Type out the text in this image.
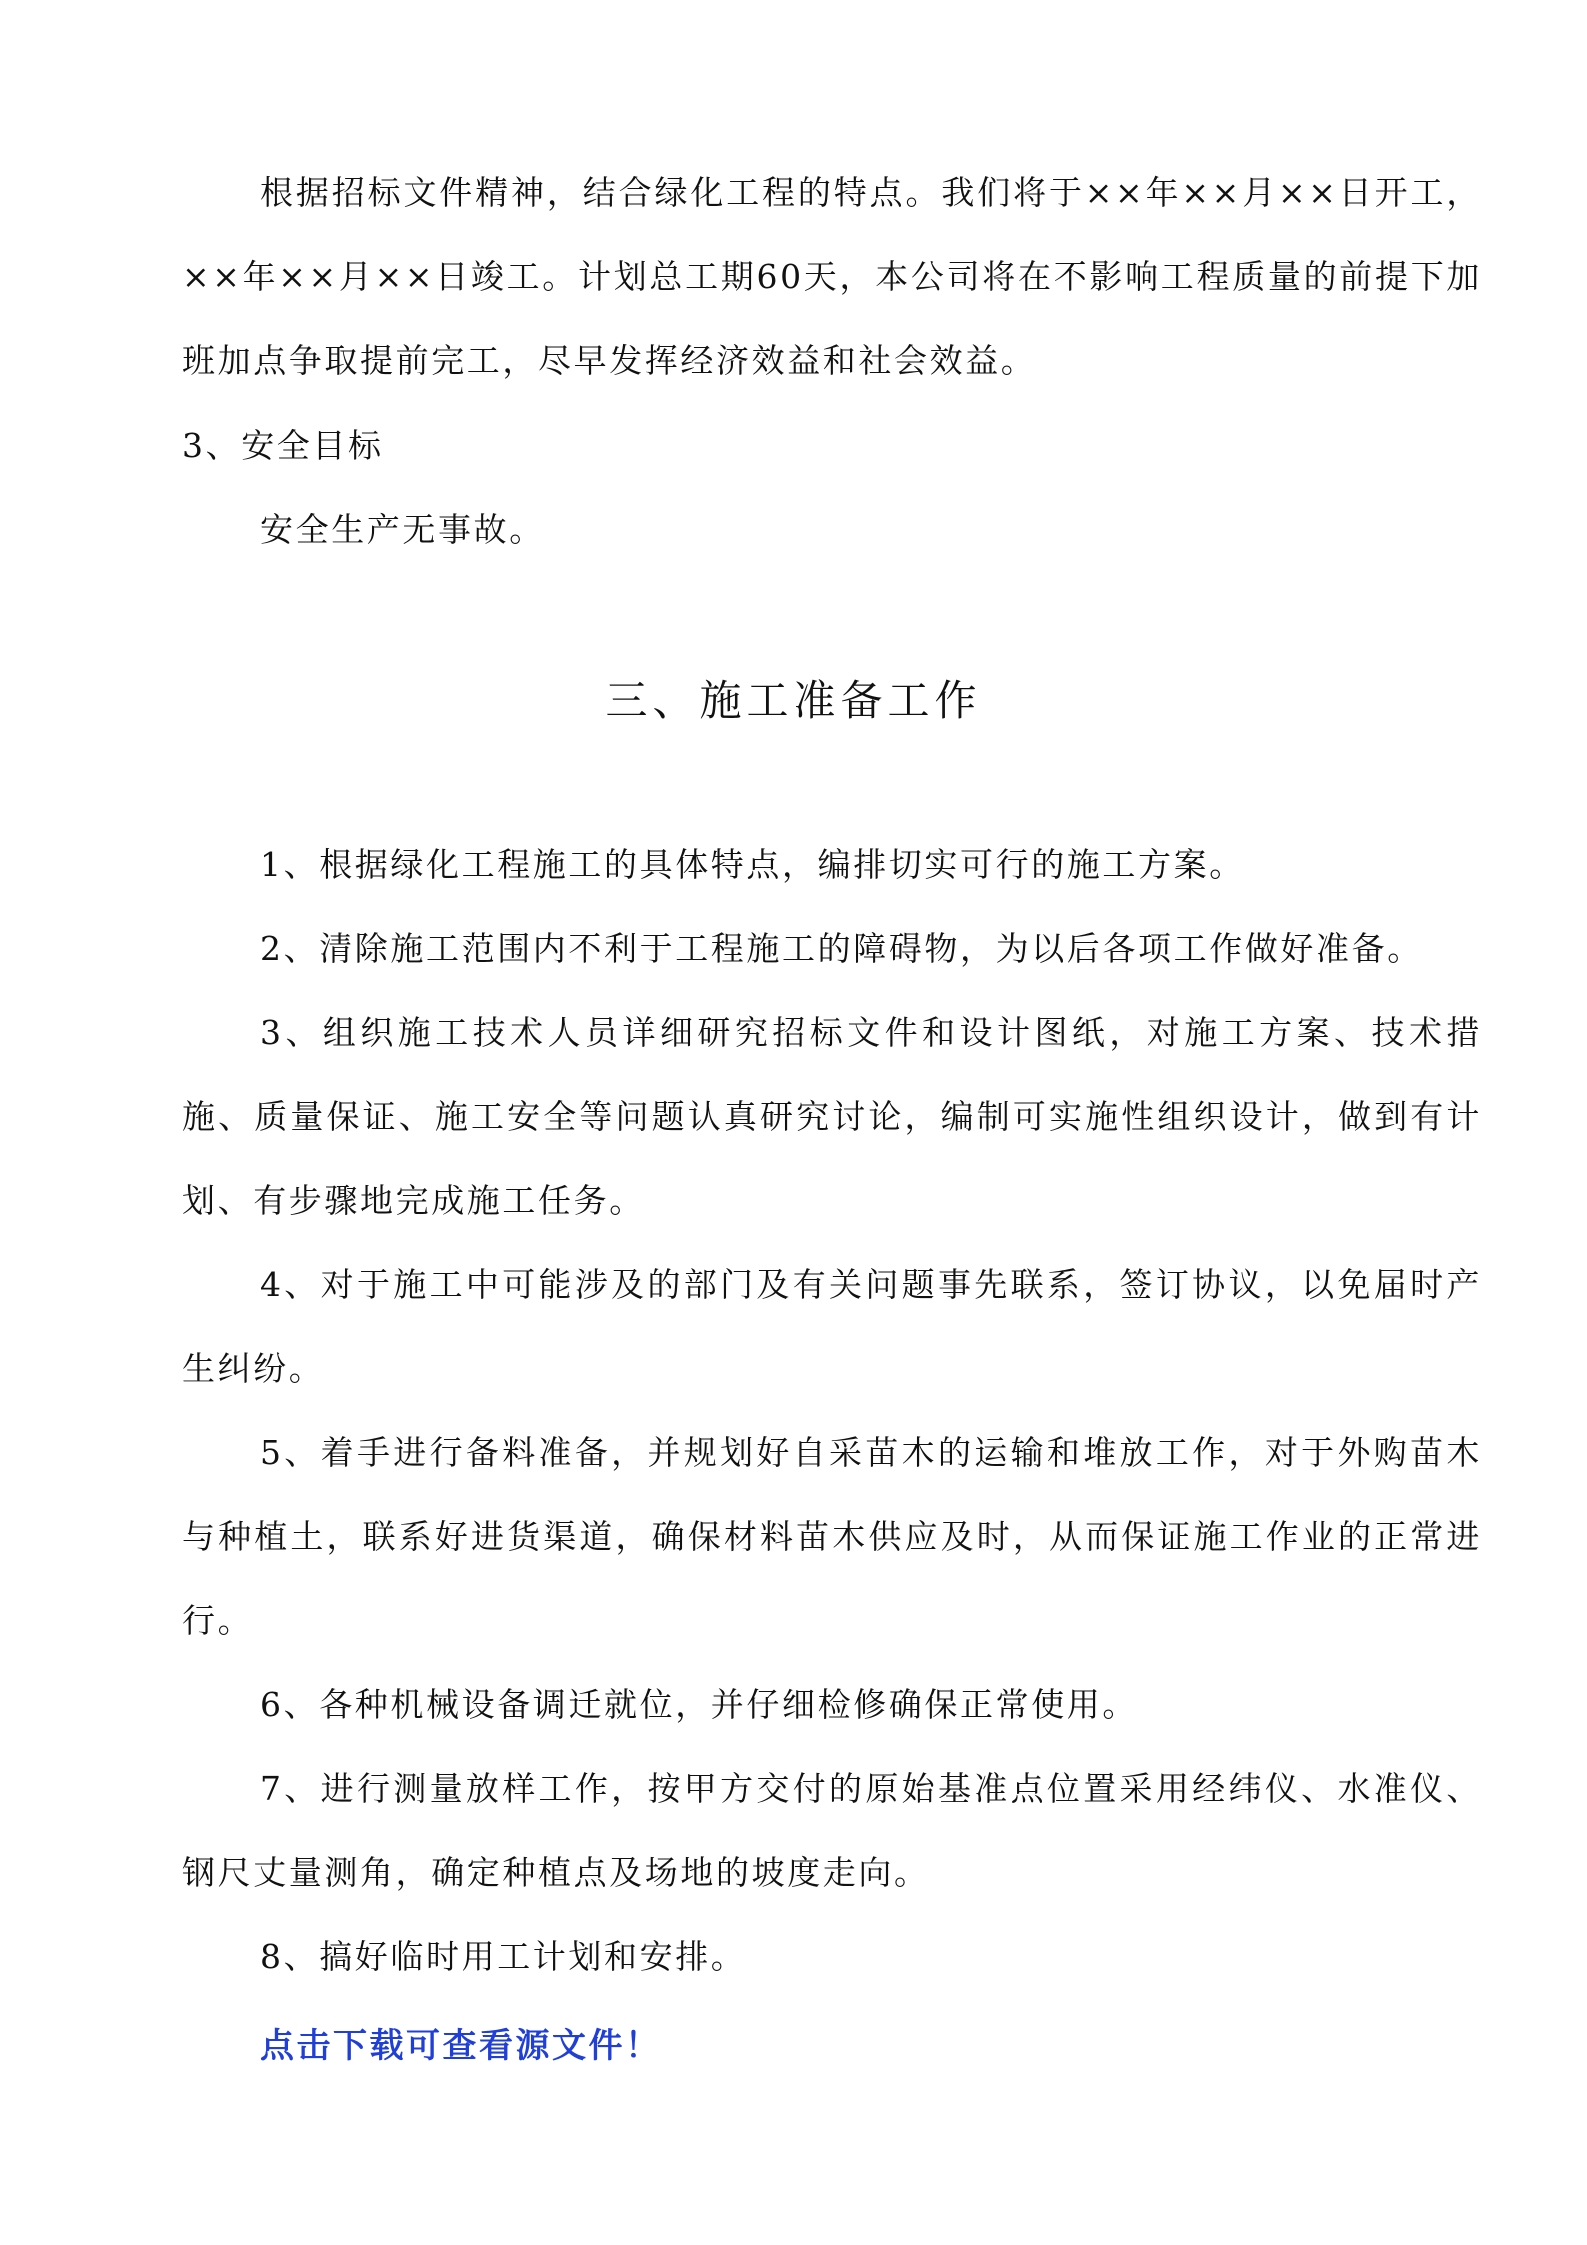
根据招标文件精神，结合绿化工程的特点。我们将于××年××月××日开工，××年××月××日竣工。计划总工期60天，本公司将在不影响工程质量的前提下加班加点争取提前完工，尽早发挥经济效益和社会效益。

3、安全目标

安全生产无事故。

三、施工准备工作

1、根据绿化工程施工的具体特点，编排切实可行的施工方案。

2、清除施工范围内不利于工程施工的障碍物，为以后各项工作做好准备。

3、组织施工技术人员详细研究招标文件和设计图纸，对施工方案、技术措施、质量保证、施工安全等问题认真研究讨论，编制可实施性组织设计，做到有计划、有步骤地完成施工任务。

4、对于施工中可能涉及的部门及有关问题事先联系，签订协议，以免届时产生纠纷。

5、着手进行备料准备，并规划好自采苗木的运输和堆放工作，对于外购苗木与种植土，联系好进货渠道，确保材料苗木供应及时，从而保证施工作业的正常进行。

6、各种机械设备调迁就位，并仔细检修确保正常使用。

7、进行测量放样工作，按甲方交付的原始基准点位置采用经纬仪、水准仪、钢尺丈量测角，确定种植点及场地的坡度走向。

8、搞好临时用工计划和安排。

点击下载可查看源文件！
